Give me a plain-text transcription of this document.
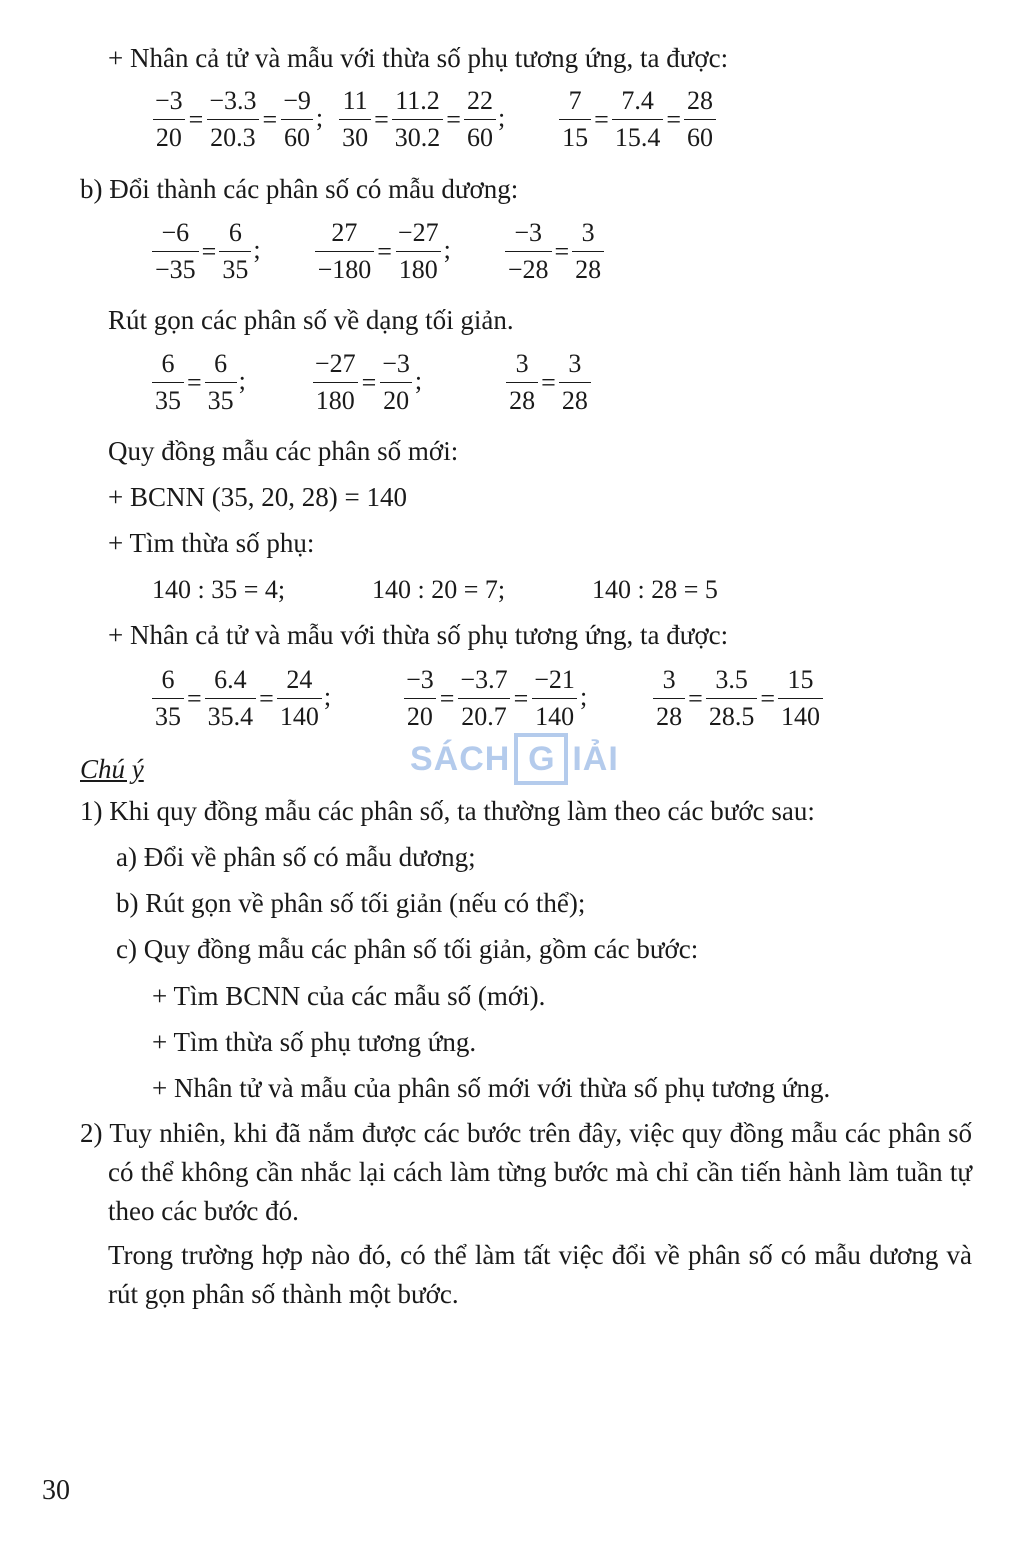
+ Nhân cả tử và mẫu với thừa số phụ tương ứng, ta được:
$\frac{-3}{20} = \frac{-3.3}{20.3} = \frac{-9}{60}$ ; $\frac{11}{30} = \frac{11.2}{30.2} = \frac{22}{60}$ ; $\frac{7}{15} = \frac{7.4}{15.4} = \frac{28}{60}$
b) Đổi thành các phân số có mẫu dương:
$\frac{-6}{-35} = \frac{6}{35}$ ; $\frac{27}{-180} = \frac{-27}{180}$ ; $\frac{-3}{-28} = \frac{3}{28}$
Rút gọn các phân số về dạng tối giản.
$\frac{6}{35} = \frac{6}{35}$ ;	$\frac{-27}{180} = \frac{-3}{20}$ ;	$\frac{3}{28} = \frac{3}{28}$
Quy đồng mẫu các phân số mới:
+ BCNN (35, 20, 28) = 140
+ Tìm thừa số phụ:
140 : 35 = 4;	140 : 20 = 7;	140 : 28 = 5
+ Nhân cả tử và mẫu với thừa số phụ tương ứng, ta được:
$\frac{6}{35} = \frac{6.4}{35.4} = \frac{24}{140}$ ;	$\frac{-3}{20} = \frac{-3.7}{20.7} = \frac{-21}{140}$ ;	$\frac{3}{28} = \frac{3.5}{28.5} = \frac{15}{140}$
SÁCH G IẢI
Chú ý
1) Khi quy đồng mẫu các phân số, ta thường làm theo các bước sau:
a) Đổi về phân số có mẫu dương;
b) Rút gọn về phân số tối giản (nếu có thể);
c) Quy đồng mẫu các phân số tối giản, gồm các bước:
+ Tìm BCNN của các mẫu số (mới).
+ Tìm thừa số phụ tương ứng.
+ Nhân tử và mẫu của phân số mới với thừa số phụ tương ứng.
2) Tuy nhiên, khi đã nắm được các bước trên đây, việc quy đồng mẫu các phân số có thể không cần nhắc lại cách làm từng bước mà chỉ cần tiến hành làm tuần tự theo các bước đó.
Trong trường hợp nào đó, có thể làm tất việc đổi về phân số có mẫu dương và rút gọn phân số thành một bước.
30
